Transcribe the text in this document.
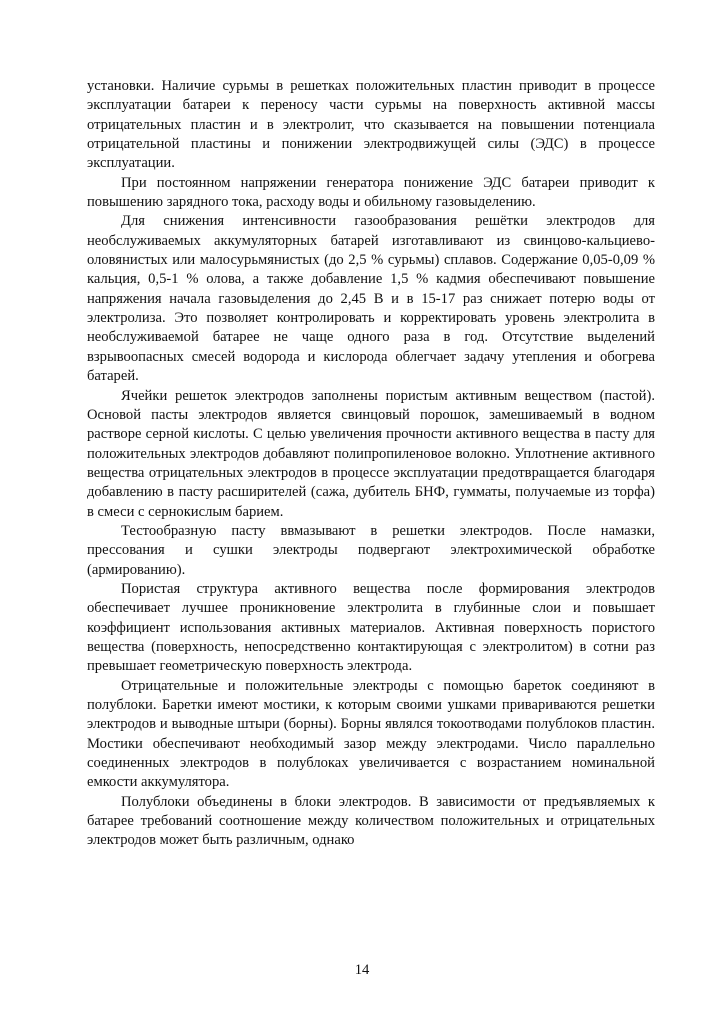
установки. Наличие сурьмы в решетках положительных пластин приводит в процессе эксплуатации батареи к переносу части сурьмы на поверхность активной массы отрицательных пластин и в электролит, что сказывается на повышении потенциала отрицательной пластины и понижении электродвижущей силы (ЭДС) в процессе эксплуатации.

При постоянном напряжении генератора понижение ЭДС батареи приводит к повышению зарядного тока, расходу воды и обильному газовыделению.

Для снижения интенсивности газообразования решётки электродов для необслуживаемых аккумуляторных батарей изготавливают из свинцово-кальциево-оловянистых или малосурьмянистых (до 2,5 % сурьмы) сплавов. Содержание 0,05-0,09 % кальция, 0,5-1 % олова, а также добавление 1,5 % кадмия обеспечивают повышение напряжения начала газовыделения до 2,45 В и в 15-17 раз снижает потерю воды от электролиза. Это позволяет контролировать и корректировать уровень электролита в необслуживаемой батарее не чаще одного раза в год. Отсутствие выделений взрывоопасных смесей водорода и кислорода облегчает задачу утепления и обогрева батарей.

Ячейки решеток электродов заполнены пористым активным веществом (пастой). Основой пасты электродов является свинцовый порошок, замешиваемый в водном растворе серной кислоты. С целью увеличения прочности активного вещества в пасту для положительных электродов добавляют полипропиленовое волокно. Уплотнение активного вещества отрицательных электродов в процессе эксплуатации предотвращается благодаря добавлению в пасту расширителей (сажа, дубитель БНФ, гумматы, получаемые из торфа) в смеси с сернокислым барием.

Тестообразную пасту ввмазывают в решетки электродов. После намазки, прессования и сушки электроды подвергают электрохимической обработке (армированию).

Пористая структура активного вещества после формирования электродов обеспечивает лучшее проникновение электролита в глубинные слои и повышает коэффициент использования активных материалов. Активная поверхность пористого вещества (поверхность, непосредственно контактирующая с электролитом) в сотни раз превышает геометрическую поверхность электрода.

Отрицательные и положительные электроды с помощью бареток соединяют в полублоки. Баретки имеют мостики, к которым своими ушками привариваются решетки электродов и выводные штыри (борны). Борны являлся токоотводами полублоков пластин. Мостики обеспечивают необходимый зазор между электродами. Число параллельно соединенных электродов в полублоках увеличивается с возрастанием номинальной емкости аккумулятора.

Полублоки объединены в блоки электродов. В зависимости от предъявляемых к батарее требований соотношение между количеством положительных и отрицательных электродов может быть различным, однако

14
